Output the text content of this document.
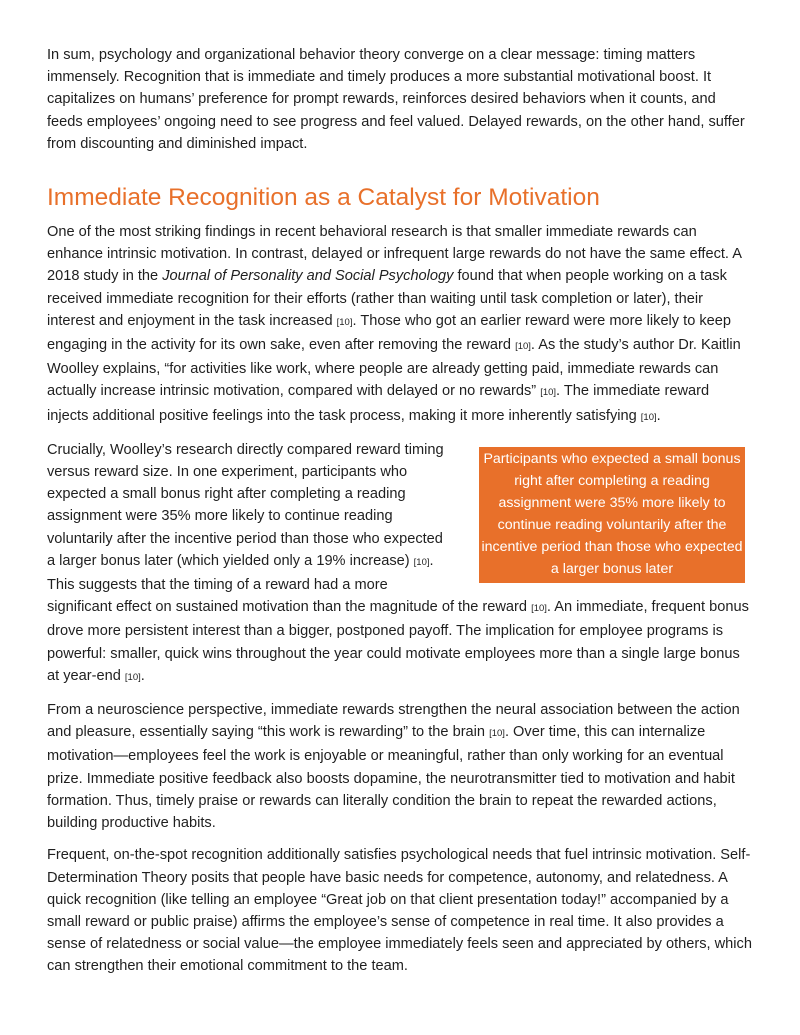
In sum, psychology and organizational behavior theory converge on a clear message: timing matters immensely. Recognition that is immediate and timely produces a more substantial motivational boost. It capitalizes on humans’ preference for prompt rewards, reinforces desired behaviors when it counts, and feeds employees’ ongoing need to see progress and feel valued. Delayed rewards, on the other hand, suffer from discounting and diminished impact.

Immediate Recognition as a Catalyst for Motivation

One of the most striking findings in recent behavioral research is that smaller immediate rewards can enhance intrinsic motivation. In contrast, delayed or infrequent large rewards do not have the same effect. A 2018 study in the Journal of Personality and Social Psychology found that when people working on a task received immediate recognition for their efforts (rather than waiting until task completion or later), their interest and enjoyment in the task increased [10]. Those who got an earlier reward were more likely to keep engaging in the activity for its own sake, even after removing the reward [10]. As the study’s author Dr. Kaitlin Woolley explains, “for activities like work, where people are already getting paid, immediate rewards can actually increase intrinsic motivation, compared with delayed or no rewards” [10]. The immediate reward injects additional positive feelings into the task process, making it more inherently satisfying [10].

Participants who expected a small bonus right after completing a reading assignment were 35% more likely to continue reading voluntarily after the incentive period than those who expected a larger bonus later
Crucially, Woolley’s research directly compared reward timing versus reward size. In one experiment, participants who expected a small bonus right after completing a reading assignment were 35% more likely to continue reading voluntarily after the incentive period than those who expected a larger bonus later (which yielded only a 19% increase) [10]. This suggests that the timing of a reward had a more significant effect on sustained motivation than the magnitude of the reward [10]. An immediate, frequent bonus drove more persistent interest than a bigger, postponed payoff. The implication for employee programs is powerful: smaller, quick wins throughout the year could motivate employees more than a single large bonus at year-end [10].

From a neuroscience perspective, immediate rewards strengthen the neural association between the action and pleasure, essentially saying “this work is rewarding” to the brain [10]. Over time, this can internalize motivation—employees feel the work is enjoyable or meaningful, rather than only working for an eventual prize. Immediate positive feedback also boosts dopamine, the neurotransmitter tied to motivation and habit formation. Thus, timely praise or rewards can literally condition the brain to repeat the rewarded actions, building productive habits.

Frequent, on-the-spot recognition additionally satisfies psychological needs that fuel intrinsic motivation. Self-Determination Theory posits that people have basic needs for competence, autonomy, and relatedness. A quick recognition (like telling an employee “Great job on that client presentation today!” accompanied by a small reward or public praise) affirms the employee’s sense of competence in real time. It also provides a sense of relatedness or social value—the employee immediately feels seen and appreciated by others, which can strengthen their emotional commitment to the team.
